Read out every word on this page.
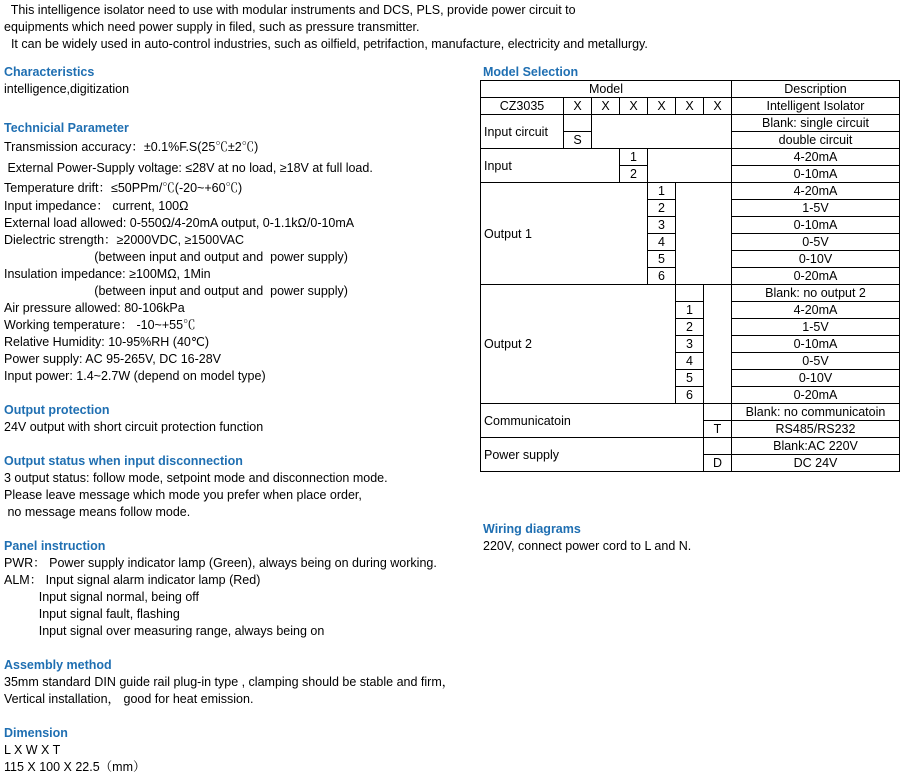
This intelligence isolator need to use with modular instruments and DCS, PLS, provide power circuit to
equipments which need power supply in filed, such as pressure transmitter.
It can be widely used in auto-control industries, such as oilfield, petrifaction, manufacture, electricity and metallurgy.
Characteristics
intelligence,digitization
Technicial Parameter
Transmission accuracy：±0.1%F.S(25℃±2℃)
External Power-Supply voltage: ≤28V at no load, ≥18V at full load.
Temperature drift：≤50PPm/℃(-20~+60℃)
Input impedance： current, 100Ω
External load allowed: 0-550Ω/4-20mA output, 0-1.1kΩ/0-10mA
Dielectric strength：≥2000VDC, ≥1500VAC
(between input and output and  power supply)
Insulation impedance: ≥100MΩ, 1Min
(between input and output and  power supply)
Air pressure allowed: 80-106kPa
Working temperature： -10~+55℃
Relative Humidity: 10-95%RH (40℃)
Power supply: AC 95-265V, DC 16-28V
Input power: 1.4~2.7W (depend on model type)
Output protection
24V output with short circuit protection function
Output status when input disconnection
3 output status: follow mode, setpoint mode and disconnection mode.
Please leave message which mode you prefer when place order,
no message means follow mode.
Panel instruction
PWR： Power supply indicator lamp (Green), always being on during working.
ALM： Input signal alarm indicator lamp (Red)
Input signal normal, being off
Input signal fault, flashing
Input signal over measuring range, always being on
Assembly method
35mm standard DIN guide rail plug-in type , clamping should be stable and firm，
Vertical installation， good for heat emission.
Dimension
L X W X T
115 X 100 X 22.5（mm）
Model Selection
Model							Description
CZ3035	X	X	X	X	X	X	Intelligent Isolator
Input circuit							Blank: single circuit
	S						double circuit
Input			1				4-20mA
			2				0-10mA
Output 1				1			4-20mA
				2			1-5V
				3			0-10mA
				4			0-5V
				5			0-10V
				6			0-20mA
Output 2							Blank: no output 2
					1		4-20mA
					2		1-5V
					3		0-10mA
					4		0-5V
					5		0-10V
					6		0-20mA
Communicatoin							Blank: no communicatoin
						T	RS485/RS232
Power supply							Blank:AC 220V
						D	DC 24V
Wiring diagrams
220V, connect power cord to L and N.
